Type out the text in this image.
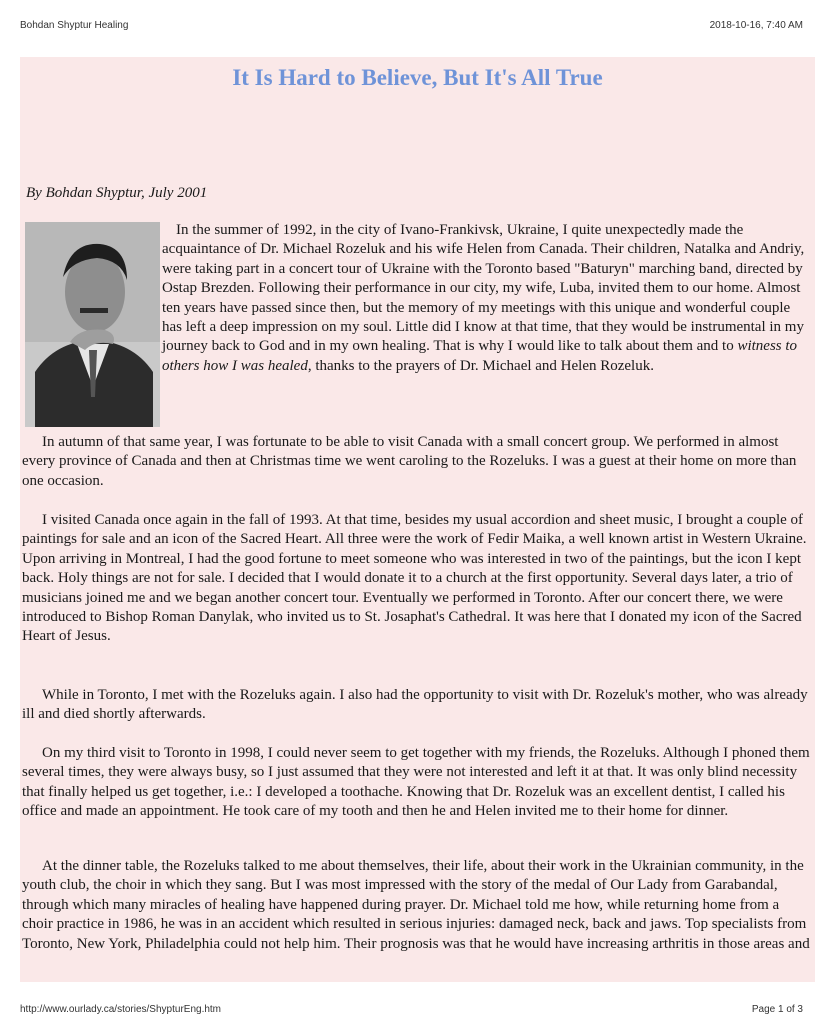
Bohdan Shyptur Healing	2018-10-16, 7:40 AM
It Is Hard to Believe, But It's All True
By Bohdan Shyptur, July 2001

In the summer of 1992, in the city of Ivano-Frankivsk, Ukraine, I quite unexpectedly made the acquaintance of Dr. Michael Rozeluk and his wife Helen from Canada. Their children, Natalka and Andriy, were taking part in a concert tour of Ukraine with the Toronto based "Baturyn" marching band, directed by Ostap Brezden. Following their performance in our city, my wife, Luba, invited them to our home. Almost ten years have passed since then, but the memory of my meetings with this unique and wonderful couple has left a deep impression on my soul. Little did I know at that time, that they would be instrumental in my journey back to God and in my own healing. That is why I would like to talk about them and to witness to others how I was healed, thanks to the prayers of Dr. Michael and Helen Rozeluk.

In autumn of that same year, I was fortunate to be able to visit Canada with a small concert group. We performed in almost every province of Canada and then at Christmas time we went caroling to the Rozeluks. I was a guest at their home on more than one occasion.

I visited Canada once again in the fall of 1993. At that time, besides my usual accordion and sheet music, I brought a couple of paintings for sale and an icon of the Sacred Heart. All three were the work of Fedir Maika, a well known artist in Western Ukraine. Upon arriving in Montreal, I had the good fortune to meet someone who was interested in two of the paintings, but the icon I kept back. Holy things are not for sale. I decided that I would donate it to a church at the first opportunity. Several days later, a trio of musicians joined me and we began another concert tour. Eventually we performed in Toronto. After our concert there, we were introduced to Bishop Roman Danylak, who invited us to St. Josaphat's Cathedral. It was here that I donated my icon of the Sacred Heart of Jesus.

While in Toronto, I met with the Rozeluks again. I also had the opportunity to visit with Dr. Rozeluk's mother, who was already ill and died shortly afterwards.

On my third visit to Toronto in 1998, I could never seem to get together with my friends, the Rozeluks. Although I phoned them several times, they were always busy, so I just assumed that they were not interested and left it at that. It was only blind necessity that finally helped us get together, i.e.: I developed a toothache. Knowing that Dr. Rozeluk was an excellent dentist, I called his office and made an appointment. He took care of my tooth and then he and Helen invited me to their home for dinner.

At the dinner table, the Rozeluks talked to me about themselves, their life, about their work in the Ukrainian community, in the youth club, the choir in which they sang. But I was most impressed with the story of the medal of Our Lady from Garabandal, through which many miracles of healing have happened during prayer. Dr. Michael told me how, while returning home from a choir practice in 1986, he was in an accident which resulted in serious injuries: damaged neck, back and jaws. Top specialists from Toronto, New York, Philadelphia could not help him. Their prognosis was that he would have increasing arthritis in those areas and

http://www.ourlady.ca/stories/ShypturEng.htm	Page 1 of 3
